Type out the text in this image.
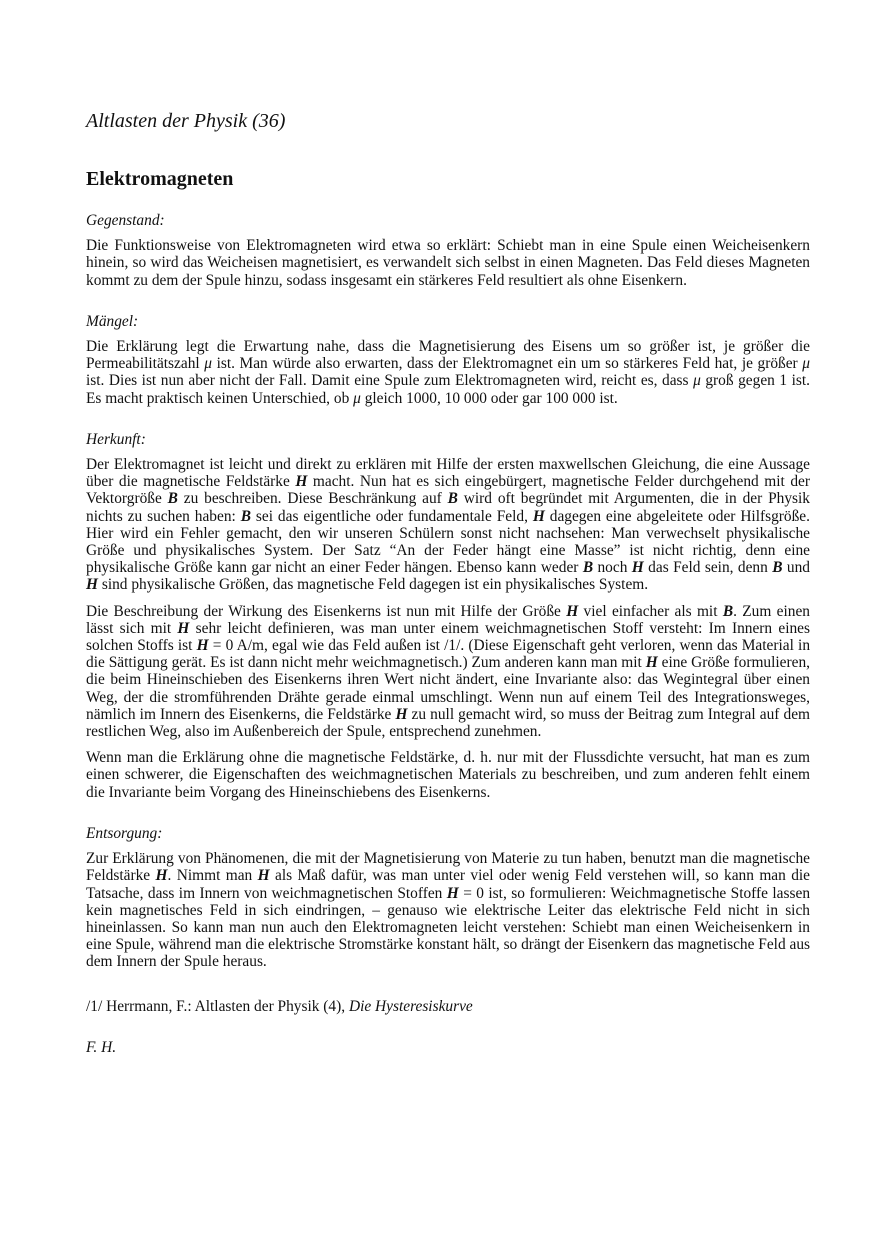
Altlasten der Physik (36)
Elektromagneten

Gegenstand:

Die Funktionsweise von Elektromagneten wird etwa so erklärt: Schiebt man in eine Spule einen Weicheisenkern hinein, so wird das Weicheisen magnetisiert, es verwandelt sich selbst in einen Magneten. Das Feld dieses Magneten kommt zu dem der Spule hinzu, sodass insgesamt ein stärkeres Feld resultiert als ohne Eisenkern.

Mängel:

Die Erklärung legt die Erwartung nahe, dass die Magnetisierung des Eisens um so größer ist, je größer die Permeabilitätszahl μ ist. Man würde also erwarten, dass der Elektromagnet ein um so stärkeres Feld hat, je größer μ ist. Dies ist nun aber nicht der Fall. Damit eine Spule zum Elektromagneten wird, reicht es, dass μ groß gegen 1 ist. Es macht praktisch keinen Unterschied, ob μ gleich 1000, 10 000 oder gar 100 000 ist.

Herkunft:

Der Elektromagnet ist leicht und direkt zu erklären mit Hilfe der ersten maxwellschen Gleichung, die eine Aussage über die magnetische Feldstärke H macht. Nun hat es sich eingebürgert, magnetische Felder durchgehend mit der Vektorgröße B zu beschreiben. Diese Beschränkung auf B wird oft begründet mit Argumenten, die in der Physik nichts zu suchen haben: B sei das eigentliche oder fundamentale Feld, H dagegen eine abgeleitete oder Hilfsgröße. Hier wird ein Fehler gemacht, den wir unseren Schülern sonst nicht nachsehen: Man verwechselt physikalische Größe und physikalisches System. Der Satz “An der Feder hängt eine Masse” ist nicht richtig, denn eine physikalische Größe kann gar nicht an einer Feder hängen. Ebenso kann weder B noch H das Feld sein, denn B und H sind physikalische Größen, das magnetische Feld dagegen ist ein physikalisches System.

Die Beschreibung der Wirkung des Eisenkerns ist nun mit Hilfe der Größe H viel einfacher als mit B. Zum einen lässt sich mit H sehr leicht definieren, was man unter einem weichmagnetischen Stoff versteht: Im Innern eines solchen Stoffs ist H = 0 A/m, egal wie das Feld außen ist /1/. (Diese Eigenschaft geht verloren, wenn das Material in die Sättigung gerät. Es ist dann nicht mehr weichmagnetisch.) Zum anderen kann man mit H eine Größe formulieren, die beim Hineinschieben des Eisenkerns ihren Wert nicht ändert, eine Invariante also: das Wegintegral über einen Weg, der die stromführenden Drähte gerade einmal umschlingt. Wenn nun auf einem Teil des Integrationsweges, nämlich im Innern des Eisenkerns, die Feldstärke H zu null gemacht wird, so muss der Beitrag zum Integral auf dem restlichen Weg, also im Außenbereich der Spule, entsprechend zunehmen.

Wenn man die Erklärung ohne die magnetische Feldstärke, d. h. nur mit der Flussdichte versucht, hat man es zum einen schwerer, die Eigenschaften des weichmagnetischen Materials zu beschreiben, und zum anderen fehlt einem die Invariante beim Vorgang des Hineinschiebens des Eisenkerns.

Entsorgung:

Zur Erklärung von Phänomenen, die mit der Magnetisierung von Materie zu tun haben, benutzt man die magnetische Feldstärke H. Nimmt man H als Maß dafür, was man unter viel oder wenig Feld verstehen will, so kann man die Tatsache, dass im Innern von weichmagnetischen Stoffen H = 0 ist, so formulieren: Weichmagnetische Stoffe lassen kein magnetisches Feld in sich eindringen, – genauso wie elektrische Leiter das elektrische Feld nicht in sich hineinlassen. So kann man nun auch den Elektromagneten leicht verstehen: Schiebt man einen Weicheisenkern in eine Spule, während man die elektrische Stromstärke konstant hält, so drängt der Eisenkern das magnetische Feld aus dem Innern der Spule heraus.

/1/ Herrmann, F.: Altlasten der Physik (4), Die Hysteresiskurve

F. H.
